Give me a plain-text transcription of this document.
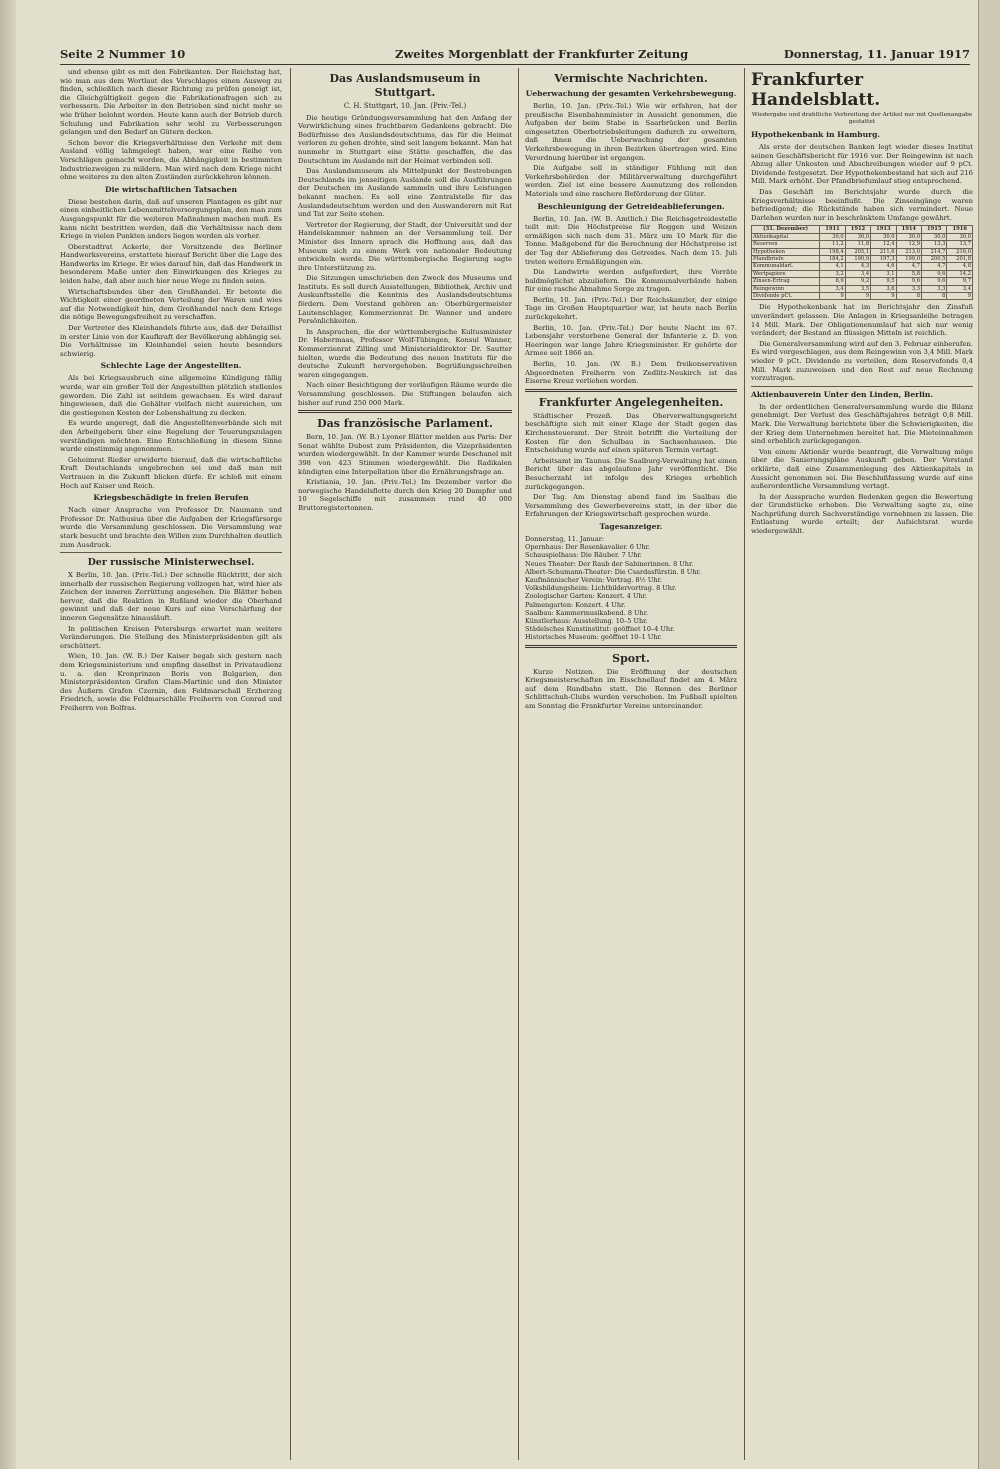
Seite 2 Nummer 10	Zweites Morgenblatt der Frankfurter Zeitung	Donnerstag, 11. Januar 1917

und ebenso gibt es mit den Fabrikanten. Der Reichstag hat, wie man aus dem Wortlaut des Vorschlages einen Ausweg zu finden, schließlich nach dieser Richtung zu prüfen geneigt ist, die Gleichgültigkeit gegen die Fabrikationsfragen sich zu verbessern. Die Arbeiter in den Betrieben sind nicht mehr so wie früher belohnt worden. Heute kann auch der Betrieb durch Schulung und Fabrikation sehr wohl zu Verbesserungen gelangen und den Bedarf an Gütern decken.

Schon bevor die Kriegsverhältnisse den Verkehr mit dem Ausland völlig lahmgelegt haben, war eine Reihe von Vorschlägen gemacht worden, die Abhängigkeit in bestimmten Industriezweigen zu mildern. Man wird nach dem Kriege nicht ohne weiteres zu den alten Zuständen zurückkehren können.

Die wirtschaftlichen Tatsachen

Diese bestehen darin, daß auf unseren Plantagen es gibt nur einen einheitlichen Lebensmittelversorgungsplan, den man zum Ausgangspunkt für die weiteren Maßnahmen machen muß. Es kann nicht bestritten werden, daß die Verhältnisse nach dem Kriege in vielen Punkten anders liegen werden als vorher.

Oberstadtrat Ackerle, der Vorsitzende des Berliner Handwerksvereins, erstattete hierauf Bericht über die Lage des Handwerks im Kriege. Er wies darauf hin, daß das Handwerk in besonderem Maße unter den Einwirkungen des Krieges zu leiden habe, daß aber auch hier neue Wege zu finden seien.

Wirtschaftsbundes über den Großhandel. Er betonte die Wichtigkeit einer geordneten Verteilung der Waren und wies auf die Notwendigkeit hin, dem Großhandel nach dem Kriege die nötige Bewegungsfreiheit zu verschaffen.

Der Vertreter des Kleinhandels führte aus, daß der Detaillist in erster Linie von der Kaufkraft der Bevölkerung abhängig sei. Die Verhältnisse im Kleinhandel seien heute besonders schwierig.

Schlechte Lage der Angestellten.

Als bei Kriegsausbruch eine allgemeine Kündigung fällig wurde, war ein großer Teil der Angestellten plötzlich stellenlos geworden. Die Zahl ist seitdem gewachsen. Es wird darauf hingewiesen, daß die Gehälter vielfach nicht ausreichen, um die gestiegenen Kosten der Lebenshaltung zu decken.

Es wurde angeregt, daß die Angestelltenverbände sich mit den Arbeitgebern über eine Regelung der Teuerungszulagen verständigen möchten. Eine Entschließung in diesem Sinne wurde einstimmig angenommen.

Geheimrat Rießer erwiderte hierauf, daß die wirtschaftliche Kraft Deutschlands ungebrochen sei und daß man mit Vertrauen in die Zukunft blicken dürfe. Er schloß mit einem Hoch auf Kaiser und Reich.

Kriegsbeschädigte in freien Berufen

Nach einer Ansprache von Professor Dr. Naumann und Professor Dr. Nathusius über die Aufgaben der Kriegsfürsorge wurde die Versammlung geschlossen. Die Versammlung war stark besucht und brachte den Willen zum Durchhalten deutlich zum Ausdruck.

Der russische Ministerwechsel.

X Berlin, 10. Jan. (Priv.-Tel.) Der schnelle Rücktritt, der sich innerhalb der russischen Regierung vollzogen hat, wird hier als Zeichen der inneren Zerrüttung angesehen. Die Blätter heben hervor, daß die Reaktion in Rußland wieder die Oberhand gewinnt und daß der neue Kurs auf eine Verschärfung der inneren Gegensätze hinausläuft.

In politischen Kreisen Petersburgs erwartet man weitere Veränderungen. Die Stellung des Ministerpräsidenten gilt als erschüttert.

Wien, 10. Jan. (W. B.) Der Kaiser begab sich gestern nach dem Kriegsministerium und empfing daselbst in Privataudienz u. a. den Kronprinzen Boris von Bulgarien, den Ministerpräsidenten Grafen Clam-Martinic und den Minister des Äußern Grafen Czernin, den Feldmarschall Erzherzog Friedrich, sowie die Feldmarschälle Freiherrn von Conrad und Freiherrn von Bolfras.

Das Auslandsmuseum in Stuttgart.
C. H. Stuttgart, 10. Jan. (Priv.-Tel.)

Die heutige Gründungsversammlung hat den Anfang der Verwirklichung eines fruchtbaren Gedankens gebracht. Die Bedürfnisse des Auslandsdeutschtums, das für die Heimat verloren zu gehen drohte, sind seit langem bekannt. Man hat nunmehr in Stuttgart eine Stätte geschaffen, die das Deutschtum im Auslande mit der Heimat verbinden soll.

Das Auslandsmuseum als Mittelpunkt der Bestrebungen Deutschlands im jenseitigen Auslande soll die Ausführungen der Deutschen im Auslande sammeln und ihre Leistungen bekannt machen. Es soll eine Zentralstelle für das Auslandsdeutschtum werden und den Auswanderern mit Rat und Tat zur Seite stehen.

Vertreter der Regierung, der Stadt, der Universität und der Handelskammer nahmen an der Versammlung teil. Der Minister des Innern sprach die Hoffnung aus, daß das Museum sich zu einem Werk von nationaler Bedeutung entwickeln werde. Die württembergische Regierung sagte ihre Unterstützung zu.

Die Sitzungen umschrieben den Zweck des Museums und Instituts. Es soll durch Ausstellungen, Bibliothek, Archiv und Auskunftsstelle die Kenntnis des Auslandsdeutschtums fördern. Dem Vorstand gehören an: Oberbürgermeister Lautenschlager, Kommerzienrat Dr. Wanner und andere Persönlichkeiten.

In Ansprachen, die der württembergische Kultusminister Dr. Habermaas, Professor Wolf-Tübingen, Konsul Wanner, Kommerzienrat Zilling und Ministerialdirektor Dr. Sautter hielten, wurde die Bedeutung des neuen Instituts für die deutsche Zukunft hervorgehoben. Begrüßungsschreiben waren eingegangen.

Nach einer Besichtigung der vorläufigen Räume wurde die Versammlung geschlossen. Die Stiftungen belaufen sich bisher auf rund 250 000 Mark.

Das französische Parlament.

Bern, 10. Jan. (W. B.) Lyoner Blätter melden aus Paris: Der Senat wählte Dubost zum Präsidenten, die Vizepräsidenten wurden wiedergewählt. In der Kammer wurde Deschanel mit 398 von 423 Stimmen wiedergewählt. Die Radikalen kündigten eine Interpellation über die Ernährungsfrage an.

Kristiania, 10. Jan. (Priv.-Tel.) Im Dezember verlor die norwegische Handelsflotte durch den Krieg 20 Dampfer und 10 Segelschiffe mit zusammen rund 40 000 Bruttoregistertonnen.

Vermischte Nachrichten.
Ueberwachung der gesamten Verkehrsbewegung.

Berlin, 10. Jan. (Priv.-Tel.) Wie wir erfahren, hat der preußische Eisenbahnminister in Aussicht genommen, die Aufgaben der beim Stabe in Saarbrücken und Berlin eingesetzten Oberbetriebsleitungen dadurch zu erweitern, daß ihnen die Ueberwachung der gesamten Verkehrsbewegung in ihren Bezirken übertragen wird. Eine Verordnung hierüber ist ergangen.

Die Aufgabe soll in ständiger Fühlung mit den Verkehrsbehörden der Militärverwaltung durchgeführt werden. Ziel ist eine bessere Ausnutzung des rollenden Materials und eine raschere Beförderung der Güter.

Beschleunigung der Getreideablieferungen.

Berlin, 10. Jan. (W. B. Amtlich.) Die Reichsgetreidestelle teilt mit: Die Höchstpreise für Roggen und Weizen ermäßigen sich nach dem 31. März um 10 Mark für die Tonne. Maßgebend für die Berechnung der Höchstpreise ist der Tag der Ablieferung des Getreides. Nach dem 15. Juli treten weitere Ermäßigungen ein.

Die Landwirte werden aufgefordert, ihre Vorräte baldmöglichst abzuliefern. Die Kommunalverbände haben für eine rasche Abnahme Sorge zu tragen.

Berlin, 10. Jan. (Priv.-Tel.) Der Reichskanzler, der einige Tage im Großen Hauptquartier war, ist heute nach Berlin zurückgekehrt.

Berlin, 10. Jan. (Priv.-Tel.) Der heute Nacht im 67. Lebensjahr verstorbene General der Infanterie z. D. von Heeringen war lange Jahre Kriegsminister. Er gehörte der Armee seit 1866 an.

Berlin, 10. Jan. (W. B.) Dem freikonservativen Abgeordneten Freiherrn von Zedlitz-Neukirch ist das Eiserne Kreuz verliehen worden.

Frankfurter Angelegenheiten.

Städtischer Prozeß. Das Oberverwaltungsgericht beschäftigte sich mit einer Klage der Stadt gegen das Kirchensteueramt. Der Streit betrifft die Verteilung der Kosten für den Schulbau in Sachsenhausen. Die Entscheidung wurde auf einen späteren Termin vertagt.

Arbeitsamt im Taunus. Die Saalburg-Verwaltung hat einen Bericht über das abgelaufene Jahr veröffentlicht. Die Besucherzahl ist infolge des Krieges erheblich zurückgegangen.

Der Tag. Am Dienstag abend fand im Saalbau die Versammlung des Gewerbevereins statt, in der über die Erfahrungen der Kriegswirtschaft gesprochen wurde.

Tagesanzeiger.
Donnerstag, 11. Januar:
Opernhaus: Der Rosenkavalier. 6 Uhr.
Schauspielhaus: Die Räuber. 7 Uhr.
Neues Theater: Der Raub der Sabinerinnen. 8 Uhr.
Albert-Schumann-Theater: Die Csardasfürstin. 8 Uhr.
Kaufmännischer Verein: Vortrag. 8½ Uhr.
Volksbildungsheim: Lichtbildervortrag. 8 Uhr.
Zoologischer Garten: Konzert. 4 Uhr.
Palmengarten: Konzert. 4 Uhr.
Saalbau: Kammermusikabend. 8 Uhr.
Künstlerhaus: Ausstellung. 10–5 Uhr.
Städelsches Kunstinstitut: geöffnet 10–4 Uhr.
Historisches Museum: geöffnet 10–1 Uhr.
Sport.

Kurze Notizen. Die Eröffnung der deutschen Kriegsmeisterschaften im Eisschnellauf findet am 4. März auf dem Rundbahn statt. Die Rennen des Berliner Schlittschuh-Clubs wurden verschoben. Im Fußball spielten am Sonntag die Frankfurter Vereine untereinander.

Frankfurter Handelsblatt.
Wiedergabe und drahtliche Verbreitung der Artikel nur mit Quellenangabe gestattet
Hypothekenbank in Hamburg.

Als erste der deutschen Banken legt wieder dieses Institut seinen Geschäftsbericht für 1916 vor. Der Reingewinn ist nach Abzug aller Unkosten und Abschreibungen wieder auf 9 pCt. Dividende festgesetzt. Der Hypothekenbestand hat sich auf 216 Mill. Mark erhöht. Der Pfandbriefumlauf stieg entsprechend.

Das Geschäft im Berichtsjahr wurde durch die Kriegsverhältnisse beeinflußt. Die Zinseingänge waren befriedigend; die Rückstände haben sich vermindert. Neue Darlehen wurden nur in beschränktem Umfange gewährt.

(31. Dezember)	1911	1912	1913	1914	1915	1916
Aktienkapital	30,0	30,0	30,0	30,0	30,0	30,0
Reserven	11,2	11,8	12,4	12,9	13,3	13,7
Hypotheken	198,4	205,1	211,6	213,0	214,7	216,0
Pfandbriefe	184,2	190,9	197,3	199,0	200,5	201,8
Kommunaldarl.	4,1	4,3	4,6	4,7	4,7	4,8
Wertpapiere	3,2	3,4	3,1	5,8	9,6	14,2
Zinsen-Ertrag	8,9	9,2	9,5	9,6	9,6	9,7
Reingewinn	3,4	3,5	3,6	3,3	3,3	3,4
Dividende pCt.	9	9	9	8	8	9

Die Hypothekenbank hat im Berichtsjahr den Zinsfuß unverändert gelassen. Die Anlagen in Kriegsanleihe betragen 14 Mill. Mark. Der Obligationenumlauf hat sich nur wenig verändert; der Bestand an flüssigen Mitteln ist reichlich.

Die Generalversammlung wird auf den 3. Februar einberufen. Es wird vorgeschlagen, aus dem Reingewinn von 3,4 Mill. Mark wieder 9 pCt. Dividende zu verteilen, dem Reservefonds 0,4 Mill. Mark zuzuweisen und den Rest auf neue Rechnung vorzutragen.

Aktienbauverein Unter den Linden, Berlin.

In der ordentlichen Generalversammlung wurde die Bilanz genehmigt. Der Verlust des Geschäftsjahres beträgt 0,8 Mill. Mark. Die Verwaltung berichtete über die Schwierigkeiten, die der Krieg dem Unternehmen bereitet hat. Die Mieteinnahmen sind erheblich zurückgegangen.

Von einem Aktionär wurde beantragt, die Verwaltung möge über die Sanierungspläne Auskunft geben. Der Vorstand erklärte, daß eine Zusammenlegung des Aktienkapitals in Aussicht genommen sei. Die Beschlußfassung wurde auf eine außerordentliche Versammlung vertagt.

In der Aussprache wurden Bedenken gegen die Bewertung der Grundstücke erhoben. Die Verwaltung sagte zu, eine Nachprüfung durch Sachverständige vornehmen zu lassen. Die Entlastung wurde erteilt; der Aufsichtsrat wurde wiedergewählt.
